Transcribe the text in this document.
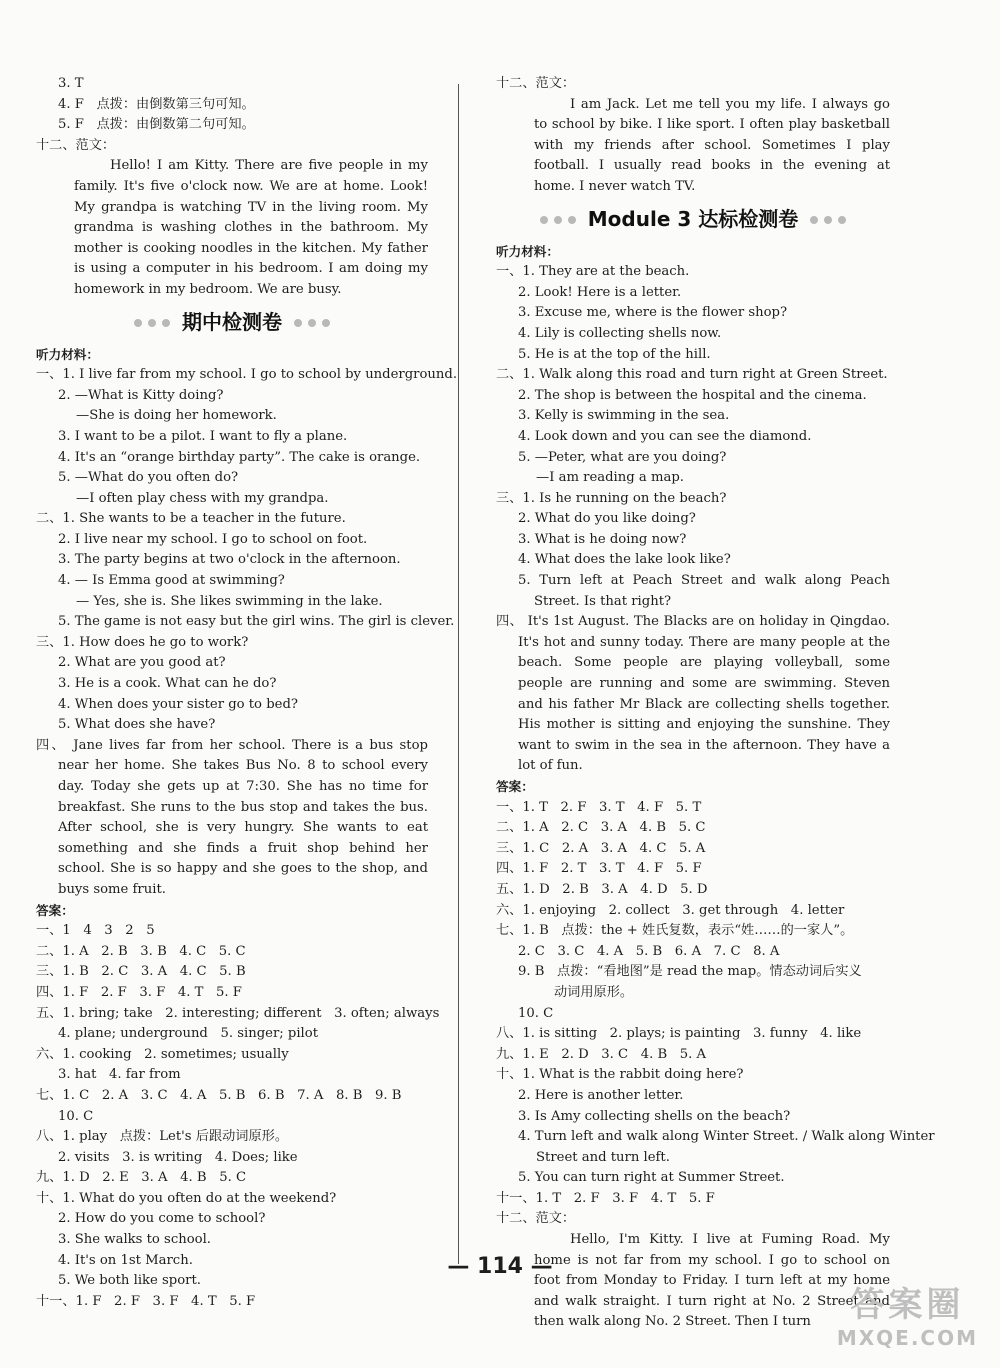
3. T
4. F   点拨：由倒数第三句可知。
5. F   点拨：由倒数第二句可知。
十二、范文：
Hello! I am Kitty. There are five people in my family. It's five o'clock now. We are at home. Look! My grandpa is watching TV in the living room. My grandma is washing clothes in the bathroom. My mother is cooking noodles in the kitchen. My father is using a computer in his bedroom. I am doing my homework in my bedroom. We are busy.
期中检测卷
听力材料：
一、1. I live far from my school. I go to school by underground.
2. —What is Kitty doing?
—She is doing her homework.
3. I want to be a pilot. I want to fly a plane.
4. It's an “orange birthday party”. The cake is orange.
5. —What do you often do?
—I often play chess with my grandpa.
二、1. She wants to be a teacher in the future.
2. I live near my school. I go to school on foot.
3. The party begins at two o'clock in the afternoon.
4. — Is Emma good at swimming?
— Yes, she is. She likes swimming in the lake.
5. The game is not easy but the girl wins. The girl is clever.
三、1. How does he go to work?
2. What are you good at?
3. He is a cook. What can he do?
4. When does your sister go to bed?
5. What does she have?
四、 Jane lives far from her school. There is a bus stop near her home. She takes Bus No. 8 to school every day. Today she gets up at 7:30. She has no time for breakfast. She runs to the bus stop and takes the bus. After school, she is very hungry. She wants to eat something and she finds a fruit shop behind her school. She is so happy and she goes to the shop, and buys some fruit.
答案：
一、1   4   3   2   5
二、1. A   2. B   3. B   4. C   5. C
三、1. B   2. C   3. A   4. C   5. B
四、1. F   2. F   3. F   4. T   5. F
五、1. bring; take   2. interesting; different   3. often; always
4. plane; underground   5. singer; pilot
六、1. cooking   2. sometimes; usually
3. hat   4. far from
七、1. C   2. A   3. C   4. A   5. B   6. B   7. A   8. B   9. B
10. C
八、1. play   点拨：Let's 后跟动词原形。
2. visits   3. is writing   4. Does; like
九、1. D   2. E   3. A   4. B   5. C
十、1. What do you often do at the weekend?
2. How do you come to school?
3. She walks to school.
4. It's on 1st March.
5. We both like sport.
十一、1. F   2. F   3. F   4. T   5. F
十二、范文：
I am Jack. Let me tell you my life. I always go to school by bike. I like sport. I often play basketball with my friends after school. Sometimes I play football. I usually read books in the evening at home. I never watch TV.
Module 3 达标检测卷
听力材料：
一、1. They are at the beach.
2. Look! Here is a letter.
3. Excuse me, where is the flower shop?
4. Lily is collecting shells now.
5. He is at the top of the hill.
二、1. Walk along this road and turn right at Green Street.
2. The shop is between the hospital and the cinema.
3. Kelly is swimming in the sea.
4. Look down and you can see the diamond.
5. —Peter, what are you doing?
—I am reading a map.
三、1. Is he running on the beach?
2. What do you like doing?
3. What is he doing now?
4. What does the lake look like?
5. Turn left at Peach Street and walk along Peach Street. Is that right?
四、 It's 1st August. The Blacks are on holiday in Qingdao. It's hot and sunny today. There are many people at the beach. Some people are playing volleyball, some people are running and some are swimming. Steven and his father Mr Black are collecting shells together. His mother is sitting and enjoying the sunshine. They want to swim in the sea in the afternoon. They have a lot of fun.
答案：
一、1. T   2. F   3. T   4. F   5. T
二、1. A   2. C   3. A   4. B   5. C
三、1. C   2. A   3. A   4. C   5. A
四、1. F   2. T   3. T   4. F   5. F
五、1. D   2. B   3. A   4. D   5. D
六、1. enjoying   2. collect   3. get through   4. letter
七、1. B   点拨：the + 姓氏复数，表示“姓……的一家人”。
2. C   3. C   4. A   5. B   6. A   7. C   8. A
9. B   点拨：“看地图”是 read the map。情态动词后实义
动词用原形。
10. C
八、1. is sitting   2. plays; is painting   3. funny   4. like
九、1. E   2. D   3. C   4. B   5. A
十、1. What is the rabbit doing here?
2. Here is another letter.
3. Is Amy collecting shells on the beach?
4. Turn left and walk along Winter Street. / Walk along Winter
Street and turn left.
5. You can turn right at Summer Street.
十一、1. T   2. F   3. F   4. T   5. F
十二、范文：
Hello, I'm Kitty. I live at Fuming Road. My home is not far from my school. I go to school on foot from Monday to Friday. I turn left at my home and walk straight. I turn right at No. 2 Street and then walk along No. 2 Street. Then I turn
— 114 —
答案圈
MXQE.COM
